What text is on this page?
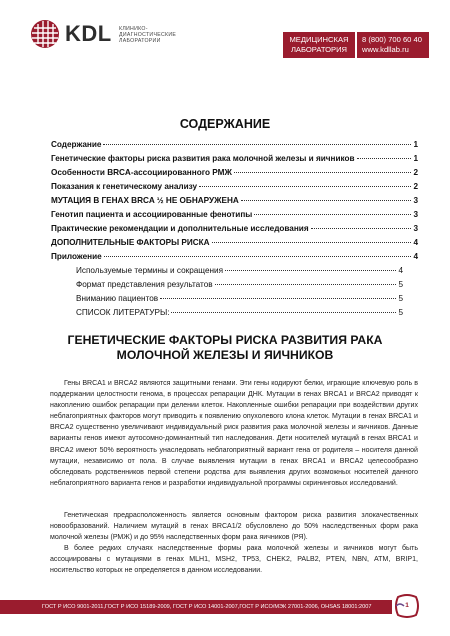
KDL КЛИНИКО-
ДИАГНОСТИЧЕСКИЕ
ЛАБОРАТОРИИ	МЕДИЦИНСКАЯ
ЛАБОРАТОРИЯ
8 (800) 700 60 40
www.kdllab.ru
СОДЕРЖАНИЕ
Содержание	1
Генетические факторы риска развития рака молочной железы и яичников	1
Особенности BRCA-ассоциированного РМЖ	2
Показания к генетическому анализу	2
МУТАЦИЯ В ГЕНАХ BRCA ½ НЕ ОБНАРУЖЕНА	3
Генотип пациента и ассоциированные фенотипы	3
Практические рекомендации и дополнительные исследования	3
ДОПОЛНИТЕЛЬНЫЕ ФАКТОРЫ РИСКА	4
Приложение	4
Используемые термины и сокращения	4
Формат представления результатов	5
Вниманию пациентов	5
СПИСОК ЛИТЕРАТУРЫ:	5
ГЕНЕТИЧЕСКИЕ ФАКТОРЫ РИСКА РАЗВИТИЯ РАКА
МОЛОЧНОЙ ЖЕЛЕЗЫ И ЯИЧНИКОВ
Гены BRCA1 и BRCA2 являются защитными генами. Эти гены кодируют белки, играющие ключевую роль в поддержании целостности генома, в процессах репарации ДНК. Мутации в генах BRCA1 и BRCA2 приводят к накоплению ошибок репарации при делении клеток. Накопленные ошибки репарации при воздействии других неблагоприятных факторов могут приводить к появлению опухолевого клона клеток. Мутации в генах BRCA1 и BRCA2 существенно увеличивают индивидуальный риск развития рака молочной железы и яичников. Данные варианты генов имеют аутосомно-доминантный тип наследования. Дети носителей мутаций в генах BRCA1 и BRCA2 имеют 50% вероятность унаследовать неблагоприятный вариант гена от родителя – носителя данной мутации, независимо от пола. В случае выявления мутации в генах BRCA1 и BRCA2 целесообразно обследовать родственников первой степени родства для выявления других возможных носителей данного неблагоприятного варианта генов и разработки индивидуальной программы скрининговых исследований.
Генетическая предрасположенность является основным фактором риска развития злокачественных новообразований. Наличием мутаций в генах BRCA1/2 обусловлено до 50% наследственных форм рака молочной железы (РМЖ) и до 95% наследственных форм рака яичников (РЯ).
В более редких случаях наследственные формы рака молочной железы и яичников могут быть ассоциированы с мутациями в генах MLH1, MSH2, TP53, CHEK2, PALB2, PTEN, NBN, ATM, BRIP1, носительство которых не определяется в данном исследовании.
ГОСТ Р ИСО 9001-2011,ГОСТ Р ИСО 15189-2009, ГОСТ Р ИСО 14001-2007,ГОСТ Р ИСО/МЭК 27001-2006, OHSAS 18001:2007	1
